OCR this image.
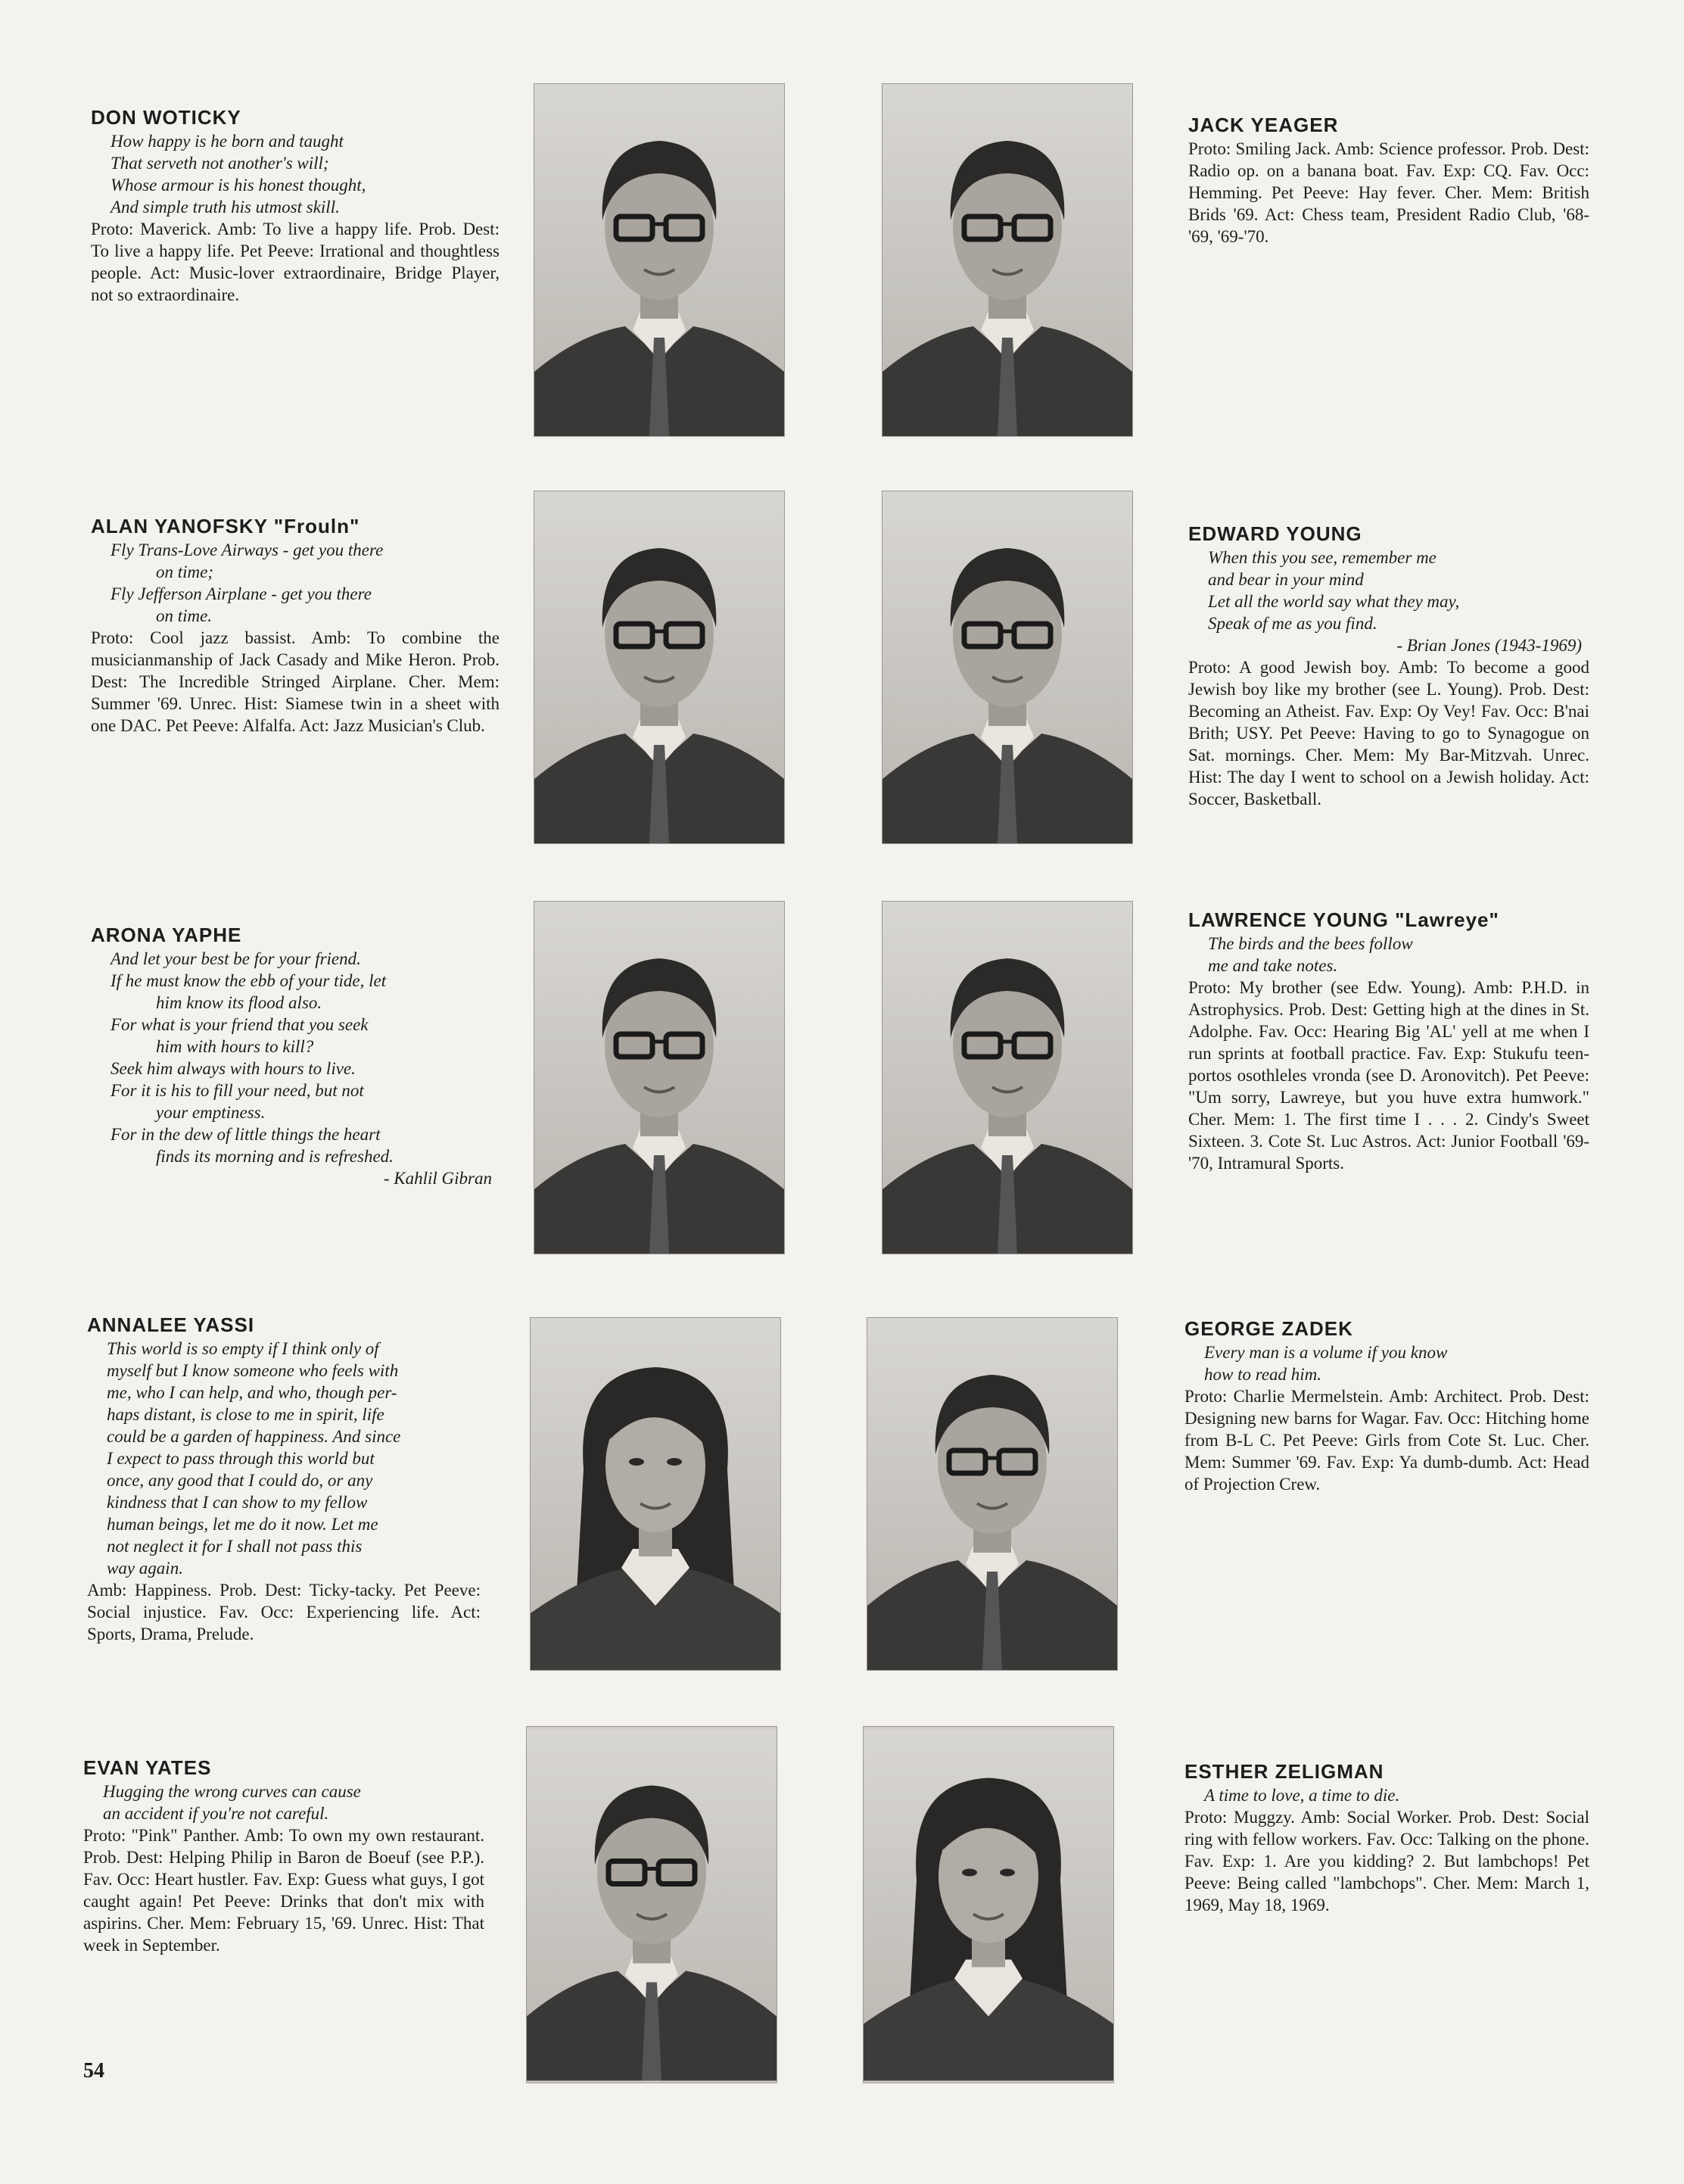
DON WOTICKY
How happy is he born and taught
That serveth not another's will;
Whose armour is his honest thought,
And simple truth his utmost skill.
Proto: Maverick. Amb: To live a happy life. Prob. Dest: To live a happy life. Pet Peeve: Irrational and thoughtless people. Act: Music-lover extraordinaire, Bridge Player, not so extraordinaire.
JACK YEAGER
Proto: Smiling Jack. Amb: Science professor. Prob. Dest: Radio op. on a banana boat. Fav. Exp: CQ. Fav. Occ: Hemming. Pet Peeve: Hay fever. Cher. Mem: British Brids '69. Act: Chess team, President Radio Club, '68-'69, '69-'70.
ALAN YANOFSKY "Frouln"
Fly Trans-Love Airways - get you there
on time;
Fly Jefferson Airplane - get you there
on time.
Proto: Cool jazz bassist. Amb: To combine the musicianmanship of Jack Casady and Mike Heron. Prob. Dest: The Incredible Stringed Airplane. Cher. Mem: Summer '69. Unrec. Hist: Siamese twin in a sheet with one DAC. Pet Peeve: Alfalfa. Act: Jazz Musician's Club.
EDWARD YOUNG
When this you see, remember me
and bear in your mind
Let all the world say what they may,
Speak of me as you find.
- Brian Jones (1943-1969)
Proto: A good Jewish boy. Amb: To become a good Jewish boy like my brother (see L. Young). Prob. Dest: Becoming an Atheist. Fav. Exp: Oy Vey! Fav. Occ: B'nai Brith; USY. Pet Peeve: Having to go to Synagogue on Sat. mornings. Cher. Mem: My Bar-Mitzvah. Unrec. Hist: The day I went to school on a Jewish holiday. Act: Soccer, Basketball.
ARONA YAPHE
And let your best be for your friend.
If he must know the ebb of your tide, let
him know its flood also.
For what is your friend that you seek
him with hours to kill?
Seek him always with hours to live.
For it is his to fill your need, but not
your emptiness.
For in the dew of little things the heart
finds its morning and is refreshed.
- Kahlil Gibran
LAWRENCE YOUNG "Lawreye"
The birds and the bees follow
me and take notes.
Proto: My brother (see Edw. Young). Amb: P.H.D. in Astrophysics. Prob. Dest: Getting high at the dines in St. Adolphe. Fav. Occ: Hearing Big 'AL' yell at me when I run sprints at football practice. Fav. Exp: Stukufu teen-portos osothleles vronda (see D. Aronovitch). Pet Peeve: "Um sorry, Lawreye, but you huve extra humwork." Cher. Mem: 1. The first time I . . . 2. Cindy's Sweet Sixteen. 3. Cote St. Luc Astros. Act: Junior Football '69-'70, Intramural Sports.
ANNALEE YASSI
This world is so empty if I think only of
myself but I know someone who feels with
me, who I can help, and who, though per-
haps distant, is close to me in spirit, life
could be a garden of happiness. And since
I expect to pass through this world but
once, any good that I could do, or any
kindness that I can show to my fellow
human beings, let me do it now. Let me
not neglect it for I shall not pass this
way again.
Amb: Happiness. Prob. Dest: Ticky-tacky. Pet Peeve: Social injustice. Fav. Occ: Experiencing life. Act: Sports, Drama, Prelude.
GEORGE ZADEK
Every man is a volume if you know
how to read him.
Proto: Charlie Mermelstein. Amb: Architect. Prob. Dest: Designing new barns for Wagar. Fav. Occ: Hitching home from B-L C. Pet Peeve: Girls from Cote St. Luc. Cher. Mem: Summer '69. Fav. Exp: Ya dumb-dumb. Act: Head of Projection Crew.
EVAN YATES
Hugging the wrong curves can cause
an accident if you're not careful.
Proto: "Pink" Panther. Amb: To own my own restaurant. Prob. Dest: Helping Philip in Baron de Boeuf (see P.P.). Fav. Occ: Heart hustler. Fav. Exp: Guess what guys, I got caught again! Pet Peeve: Drinks that don't mix with aspirins. Cher. Mem: February 15, '69. Unrec. Hist: That week in September.
ESTHER ZELIGMAN
A time to love, a time to die.
Proto: Muggzy. Amb: Social Worker. Prob. Dest: Social ring with fellow workers. Fav. Occ: Talking on the phone. Fav. Exp: 1. Are you kidding? 2. But lambchops! Pet Peeve: Being called "lambchops". Cher. Mem: March 1, 1969, May 18, 1969.
54
